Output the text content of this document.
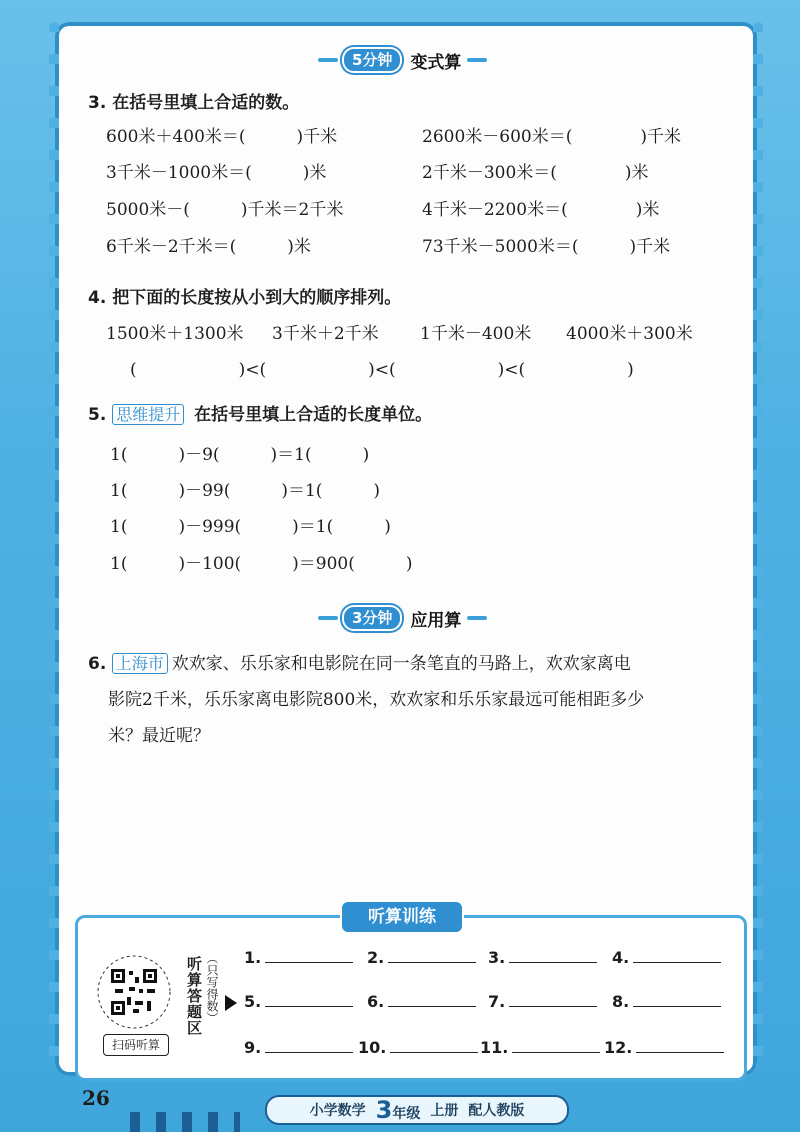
5分钟	变式算
3. 在括号里填上合适的数。
600米＋400米＝(　　　)千米	2600米－600米＝(　　　　)千米
3千米－1000米＝(　　　)米	2千米－300米＝(　　　　)米
5000米－(　　　)千米＝2千米	4千米－2200米＝(　　　　)米
6千米－2千米＝(　　　)米	73千米－5000米＝(　　　)千米
4. 把下面的长度按从小到大的顺序排列。
1500米＋1300米 3千米＋2千米 1千米－400米 4000米＋300米
(　　　　　　)<(　　　　　　)<(　　　　　　)<(　　　　　　)
5. 思维提升 在括号里填上合适的长度单位。
1(　　　)－9(　　　)＝1(　　　)
1(　　　)－99(　　　)＝1(　　　)
1(　　　)－999(　　　)＝1(　　　)
1(　　　)－100(　　　)＝900(　　　)
3分钟	应用算
6. 上海市 欢欢家、乐乐家和电影院在同一条笔直的马路上，欢欢家离电
影院2千米，乐乐家离电影院800米，欢欢家和乐乐家最远可能相距多少
米？最近呢？
听算训练
扫码听算
听算答题区 （只写得数） 1.	2.	3.	4.
5.	6.	7.	8.
9.	10.	11.	12.
26
小学数学 3年级 上册 配人教版
